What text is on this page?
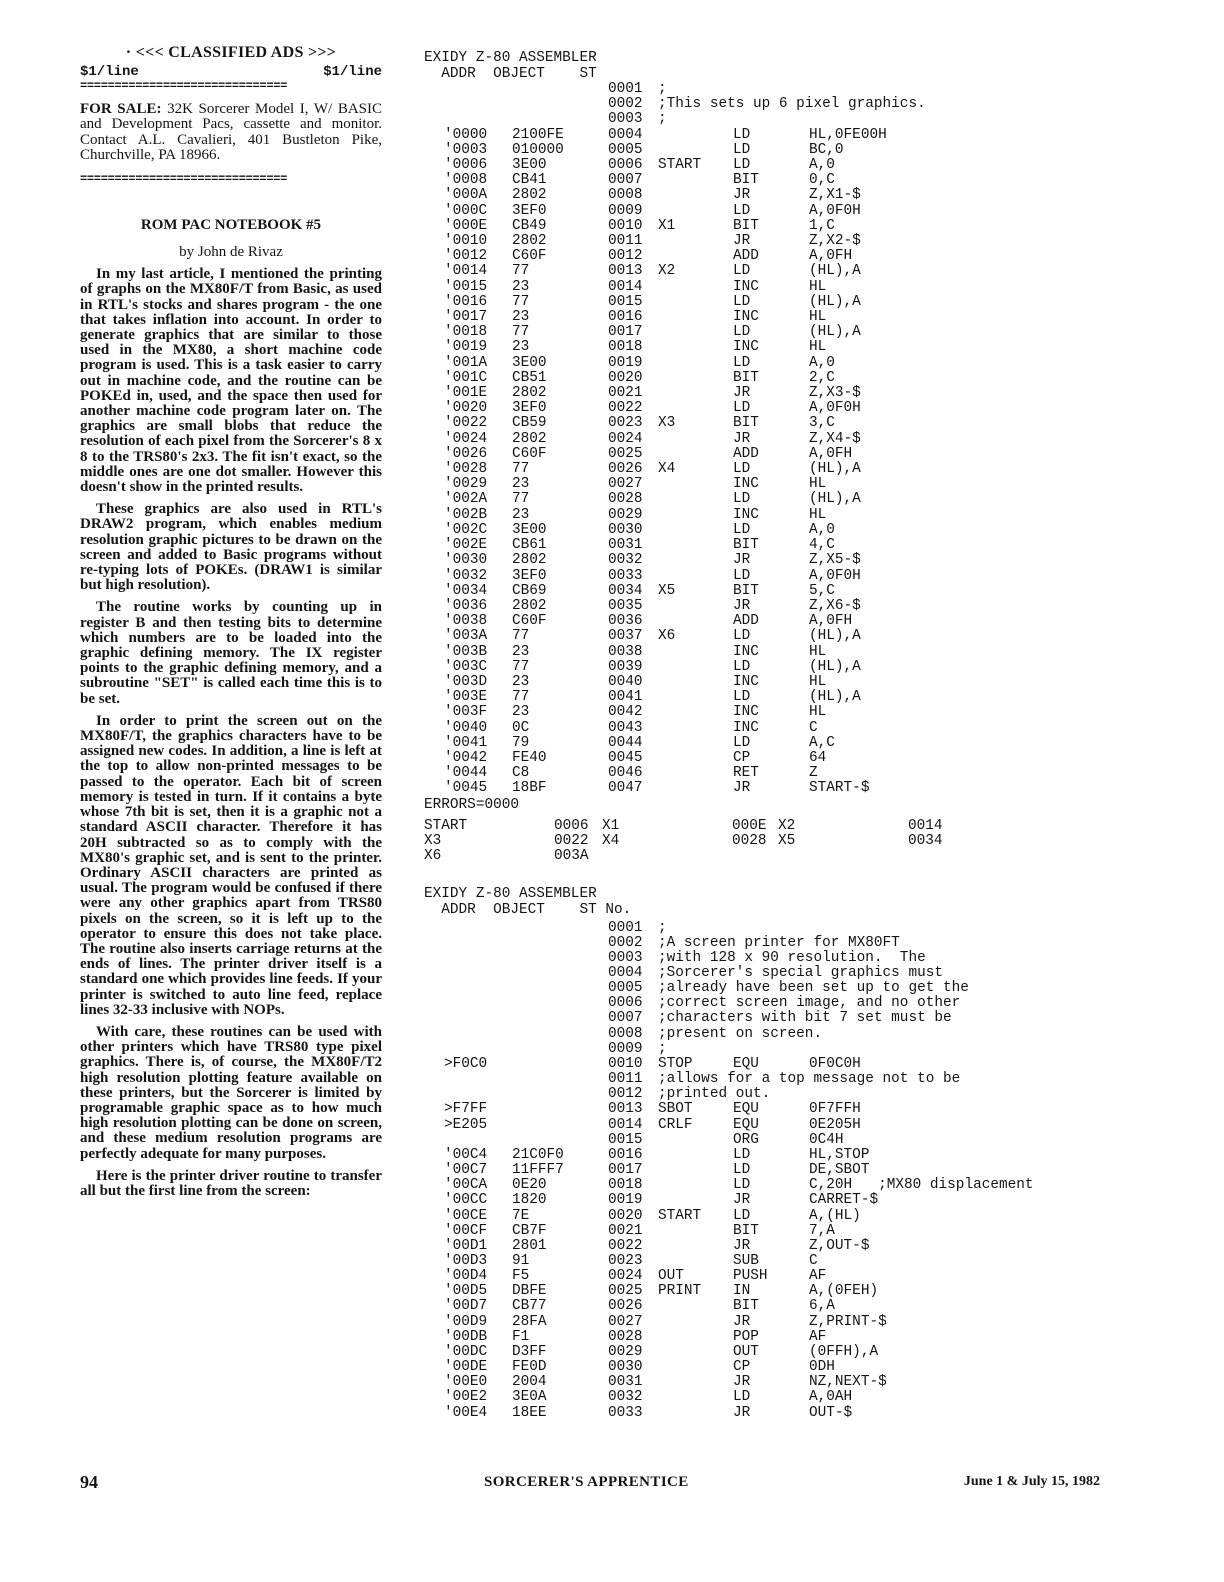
· <<< CLASSIFIED ADS >>>
$1/line	$1/line
==============================
FOR SALE: 32K Sorcerer Model I, W/ BASIC and Development Pacs, cassette and monitor. Contact A.L. Cavalieri, 401 Bustleton Pike, Churchville, PA 18966.
==============================
ROM PAC NOTEBOOK #5
by John de Rivaz

In my last article, I mentioned the printing of graphs on the MX80F/T from Basic, as used in RTL's stocks and shares program - the one that takes inflation into account. In order to generate graphics that are similar to those used in the MX80, a short machine code program is used. This is a task easier to carry out in machine code, and the routine can be POKEd in, used, and the space then used for another machine code program later on. The graphics are small blobs that reduce the resolution of each pixel from the Sorcerer's 8 x 8 to the TRS80's 2x3. The fit isn't exact, so the middle ones are one dot smaller. However this doesn't show in the printed results.

These graphics are also used in RTL's DRAW2 program, which enables medium resolution graphic pictures to be drawn on the screen and added to Basic programs without re-typing lots of POKEs. (DRAW1 is similar but high resolution).

The routine works by counting up in register B and then testing bits to determine which numbers are to be loaded into the graphic defining memory. The IX register points to the graphic defining memory, and a subroutine "SET" is called each time this is to be set.

In order to print the screen out on the MX80F/T, the graphics characters have to be assigned new codes. In addition, a line is left at the top to allow non-printed messages to be passed to the operator. Each bit of screen memory is tested in turn. If it contains a byte whose 7th bit is set, then it is a graphic not a standard ASCII character. Therefore it has 20H subtracted so as to comply with the MX80's graphic set, and is sent to the printer. Ordinary ASCII characters are printed as usual. The program would be confused if there were any other graphics apart from TRS80 pixels on the screen, so it is left up to the operator to ensure this does not take place. The routine also inserts carriage returns at the ends of lines. The printer driver itself is a standard one which provides line feeds. If your printer is switched to auto line feed, replace lines 32-33 inclusive with NOPs.

With care, these routines can be used with other printers which have TRS80 type pixel graphics. There is, of course, the MX80F/T2 high resolution plotting feature available on these printers, but the Sorcerer is limited by programable graphic space as to how much high resolution plotting can be done on screen, and these medium resolution programs are perfectly adequate for many purposes.

Here is the printer driver routine to transfer all but the first line from the screen:

EXIDY Z-80 ASSEMBLER
ADDR  OBJECT    ST
			0001	;		
			0002	;This sets up 6 pixel graphics.		
			0003	;		
	'0000	2100FE	0004		LD	HL,0FE00H
	'0003	010000	0005		LD	BC,0
	'0006	3E00	0006	START	LD	A,0
	'0008	CB41	0007		BIT	0,C
	'000A	2802	0008		JR	Z,X1-$
	'000C	3EF0	0009		LD	A,0F0H
	'000E	CB49	0010	X1	BIT	1,C
	'0010	2802	0011		JR	Z,X2-$
	'0012	C60F	0012		ADD	A,0FH
	'0014	77	0013	X2	LD	(HL),A
	'0015	23	0014		INC	HL
	'0016	77	0015		LD	(HL),A
	'0017	23	0016		INC	HL
	'0018	77	0017		LD	(HL),A
	'0019	23	0018		INC	HL
	'001A	3E00	0019		LD	A,0
	'001C	CB51	0020		BIT	2,C
	'001E	2802	0021		JR	Z,X3-$
	'0020	3EF0	0022		LD	A,0F0H
	'0022	CB59	0023	X3	BIT	3,C
	'0024	2802	0024		JR	Z,X4-$
	'0026	C60F	0025		ADD	A,0FH
	'0028	77	0026	X4	LD	(HL),A
	'0029	23	0027		INC	HL
	'002A	77	0028		LD	(HL),A
	'002B	23	0029		INC	HL
	'002C	3E00	0030		LD	A,0
	'002E	CB61	0031		BIT	4,C
	'0030	2802	0032		JR	Z,X5-$
	'0032	3EF0	0033		LD	A,0F0H
	'0034	CB69	0034	X5	BIT	5,C
	'0036	2802	0035		JR	Z,X6-$
	'0038	C60F	0036		ADD	A,0FH
	'003A	77	0037	X6	LD	(HL),A
	'003B	23	0038		INC	HL
	'003C	77	0039		LD	(HL),A
	'003D	23	0040		INC	HL
	'003E	77	0041		LD	(HL),A
	'003F	23	0042		INC	HL
	'0040	0C	0043		INC	C
	'0041	79	0044		LD	A,C
	'0042	FE40	0045		CP	64
	'0044	C8	0046		RET	Z
	'0045	18BF	0047		JR	START-$
ERRORS=0000
START	0006	X1	000E	X2	0014
X3	0022	X4	0028	X5	0034
X6	003A				
EXIDY Z-80 ASSEMBLER
ADDR  OBJECT    ST No.
			0001	;		
			0002	;A screen printer for MX80FT		
			0003	;with 128 x 90 resolution.  The		
			0004	;Sorcerer's special graphics must		
			0005	;already have been set up to get the		
			0006	;correct screen image, and no other		
			0007	;characters with bit 7 set must be		
			0008	;present on screen.		
			0009	;		
	>F0C0		0010	STOP	EQU	0F0C0H
			0011	;allows for a top message not to be		
			0012	;printed out.		
	>F7FF		0013	SBOT	EQU	0F7FFH
	>E205		0014	CRLF	EQU	0E205H
			0015		ORG	0C4H
	'00C4	21C0F0	0016		LD	HL,STOP
	'00C7	11FFF7	0017		LD	DE,SBOT
	'00CA	0E20	0018		LD	C,20H   ;MX80 displacement
	'00CC	1820	0019		JR	CARRET-$
	'00CE	7E	0020	START	LD	A,(HL)
	'00CF	CB7F	0021		BIT	7,A
	'00D1	2801	0022		JR	Z,OUT-$
	'00D3	91	0023		SUB	C
	'00D4	F5	0024	OUT	PUSH	AF
	'00D5	DBFE	0025	PRINT	IN	A,(0FEH)
	'00D7	CB77	0026		BIT	6,A
	'00D9	28FA	0027		JR	Z,PRINT-$
	'00DB	F1	0028		POP	AF
	'00DC	D3FF	0029		OUT	(0FFH),A
	'00DE	FE0D	0030		CP	0DH
	'00E0	2004	0031		JR	NZ,NEXT-$
	'00E2	3E0A	0032		LD	A,0AH
	'00E4	18EE	0033		JR	OUT-$
94	SORCERER'S APPRENTICE	June 1 & July 15, 1982
